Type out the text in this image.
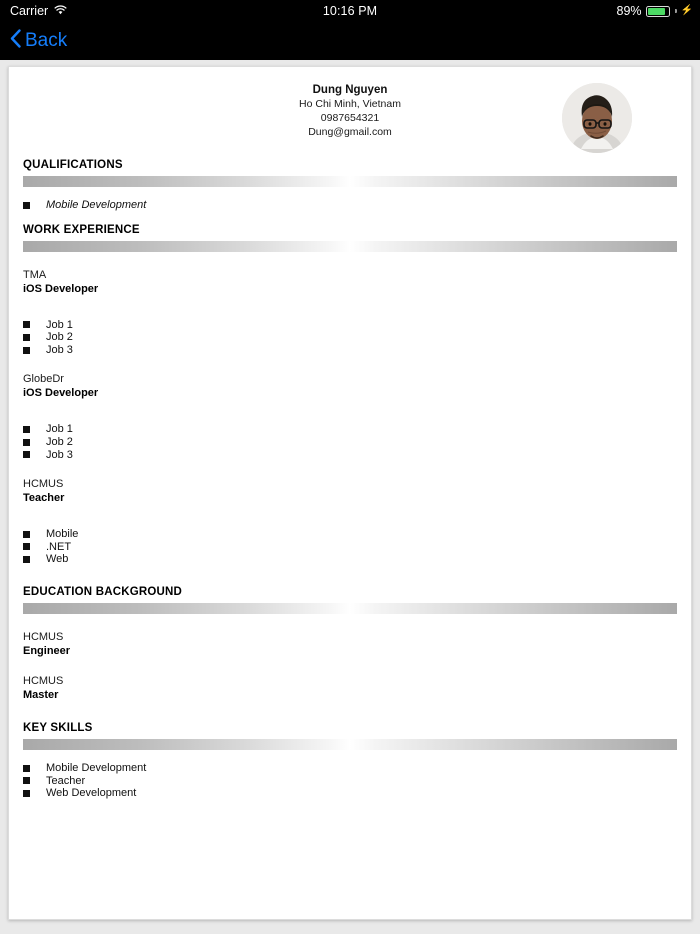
Carrier	10:16 PM	89%	⚡
Back
Dung Nguyen
Ho Chi Minh, Vietnam
0987654321
Dung@gmail.com
QUALIFICATIONS
Mobile Development
WORK EXPERIENCE
TMA
iOS Developer
Job 1
Job 2
Job 3
GlobeDr
iOS Developer
Job 1
Job 2
Job 3
HCMUS
Teacher
Mobile
.NET
Web
EDUCATION BACKGROUND
HCMUS
Engineer
HCMUS
Master
KEY SKILLS
Mobile Development
Teacher
Web Development
